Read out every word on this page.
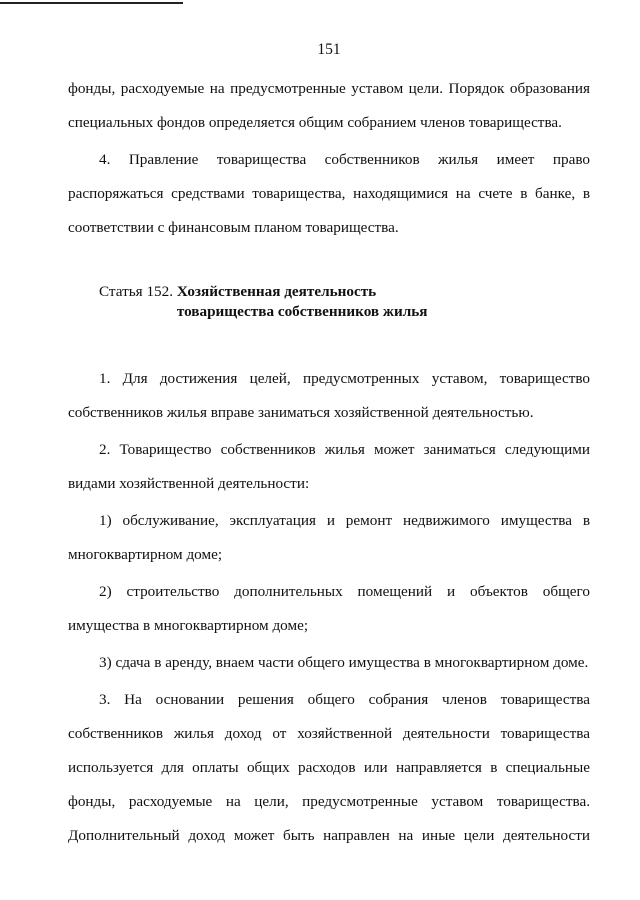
151

фонды, расходуемые на предусмотренные уставом цели. Порядок образования
специальных фондов определяется общим собранием членов товарищества.

4. Правление товарищества собственников жилья имеет право
распоряжаться средствами товарищества, находящимися на счете в банке, в
соответствии с финансовым планом товарищества.

Статья 152. Хозяйственная деятельность
товарищества собственников жилья

1. Для достижения целей, предусмотренных уставом, товарищество
собственников жилья вправе заниматься хозяйственной деятельностью.

2. Товарищество собственников жилья может заниматься следующими
видами хозяйственной деятельности:

1) обслуживание, эксплуатация и ремонт недвижимого имущества в
многоквартирном доме;

2) строительство дополнительных помещений и объектов общего
имущества в многоквартирном доме;

3) сдача в аренду, внаем части общего имущества в многоквартирном доме.

3. На основании решения общего собрания членов товарищества
собственников жилья доход от хозяйственной деятельности товарищества
используется для оплаты общих расходов или направляется в специальные
фонды, расходуемые на цели, предусмотренные уставом товарищества.
Дополнительный доход может быть направлен на иные цели деятельности
